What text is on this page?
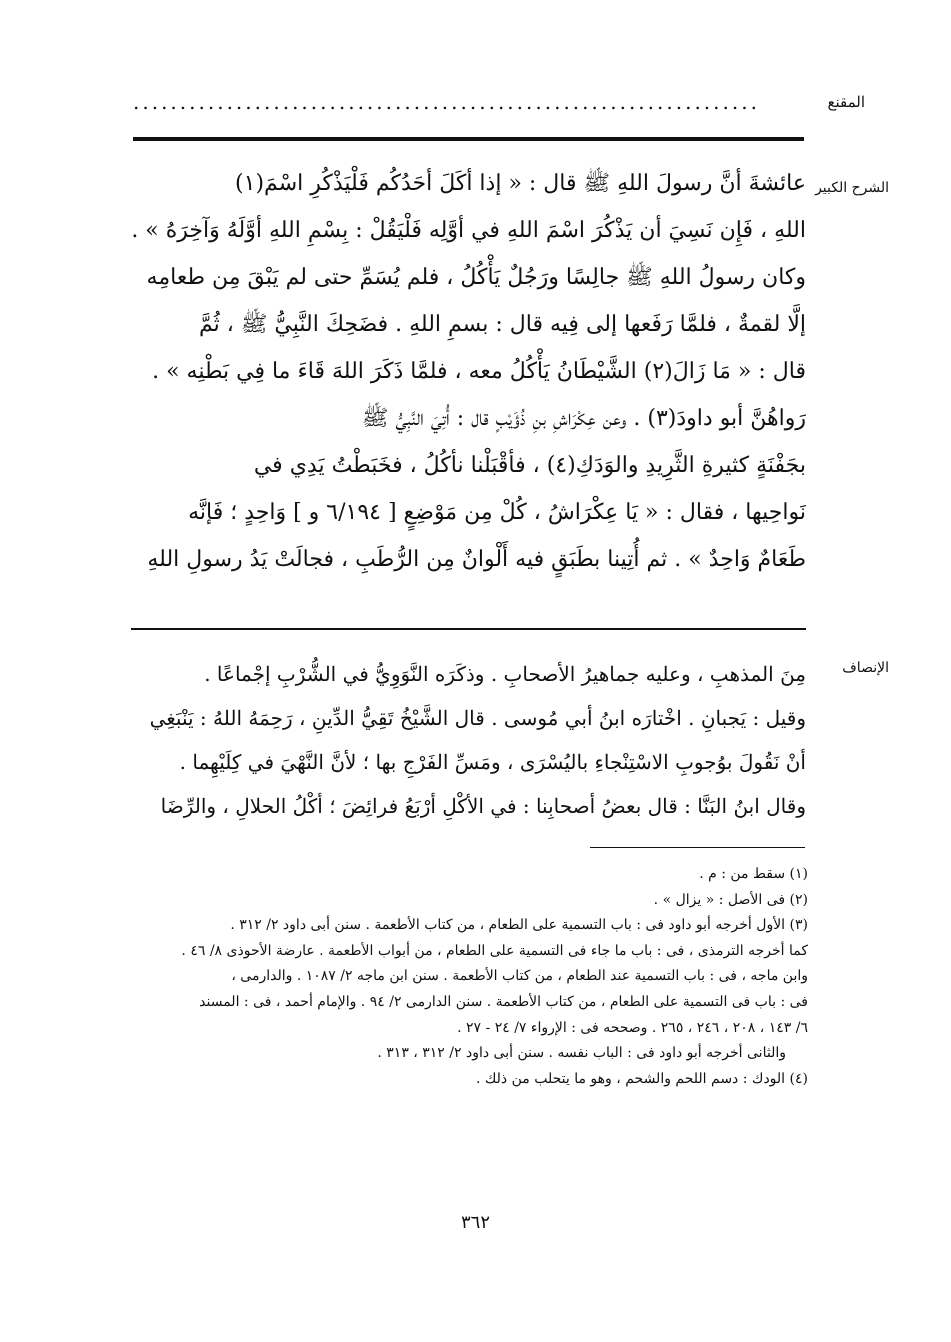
المقنع
...................................................................
الشرح الكبير
عائشةَ أنَّ رسولَ اللهِ ﷺ قال : « إذا أكَلَ أحَدُكُم فَلْيَذْكُرِ اسْمَ(١)
اللهِ ، فَإِن نَسِيَ أن يَذْكُرَ اسْمَ اللهِ في أوَّلِه فَلْيَقُلْ : بِسْمِ اللهِ أوَّلَهُ وَآخِرَهُ » .
وكان رسولُ اللهِ ﷺ جالِسًا ورَجُلٌ يَأْكُلُ ، فلم يُسَمِّ حتى لم يَبْقَ مِن طعامِه
إلَّا لقمةٌ ، فلمَّا رَفَعها إلى فِيه قال : بسمِ اللهِ . فضَحِكَ النَّبِيُّ ﷺ ، ثُمَّ
قال : « مَا زَالَ(٢) الشَّيْطَانُ يَأْكُلُ معه ، فلمَّا ذَكَرَ اللهَ قَاءَ ما فِي بَطْنِه » .
رَواهُنَّ أبو داودَ(٣) . وعن عِكْرَاشِ بنِ ذُؤَيْبٍ قال : أُتِيَ النَّبِيُّ ﷺ
بجَفْنَةٍ كثيرةِ الثَّرِيدِ والوَدَكِ(٤) ، فأقْبَلْنا نأكُلُ ، فخَبَطْتُ يَدِي في
نَواحِيها ، فقال : « يَا عِكْرَاشُ ، كُلْ مِن مَوْضِعٍ [ ٦/١٩٤ و ] وَاحِدٍ ؛ فَإنَّه
طَعَامٌ وَاحِدٌ » . ثم أُتِينا بطَبَقٍ فيه أَلْوانٌ مِن الرُّطَبِ ، فجالَتْ يَدُ رسولِ اللهِ
الإنصاف
مِنَ المذهبِ ، وعليه جماهيرُ الأصحابِ . وذكَرَه النَّوَوِيُّ في الشُّرْبِ إجْماعًا .
وقيل : يَجبانِ . اخْتارَه ابنُ أبي مُوسى . قال الشَّيْخُ تَقِيُّ الدِّينِ ، رَحِمَهُ اللهُ : يَنْبَغِي
أنْ نَقُولَ بوُجوبِ الاسْتِنْجاءِ باليُسْرَى ، ومَسِّ الفَرْجِ بها ؛ لأنَّ النَّهْيَ في كِلَيْهِما .
وقال ابنُ البَنَّا : قال بعضُ أصحابِنا : في الأكْلِ أرْبَعُ فرائِضَ ؛ أكْلُ الحلالِ ، والرِّضَا
(١) سقط من : م .
(٢) فى الأصل : « يزال » .
(٣) الأول أخرجه أبو داود فى : باب التسمية على الطعام ، من كتاب الأطعمة . سنن أبى داود ٢/ ٣١٢ .
كما أخرجه الترمذى ، فى : باب ما جاء فى التسمية على الطعام ، من أبواب الأطعمة . عارضة الأحوذى ٨/ ٤٦ .
وابن ماجه ، فى : باب التسمية عند الطعام ، من كتاب الأطعمة . سنن ابن ماجه ٢/ ١٠٨٧ . والدارمى ،
فى : باب فى التسمية على الطعام ، من كتاب الأطعمة . سنن الدارمى ٢/ ٩٤ . والإمام أحمد ، فى : المسند
٦/ ١٤٣ ، ٢٠٨ ، ٢٤٦ ، ٢٦٥ . وصححه فى : الإرواء ٧/ ٢٤ - ٢٧ .
والثانى أخرجه أبو داود فى : الباب نفسه . سنن أبى داود ٢/ ٣١٢ ، ٣١٣ .
(٤) الودك : دسم اللحم والشحم ، وهو ما يتحلب من ذلك .
٣٦٢
